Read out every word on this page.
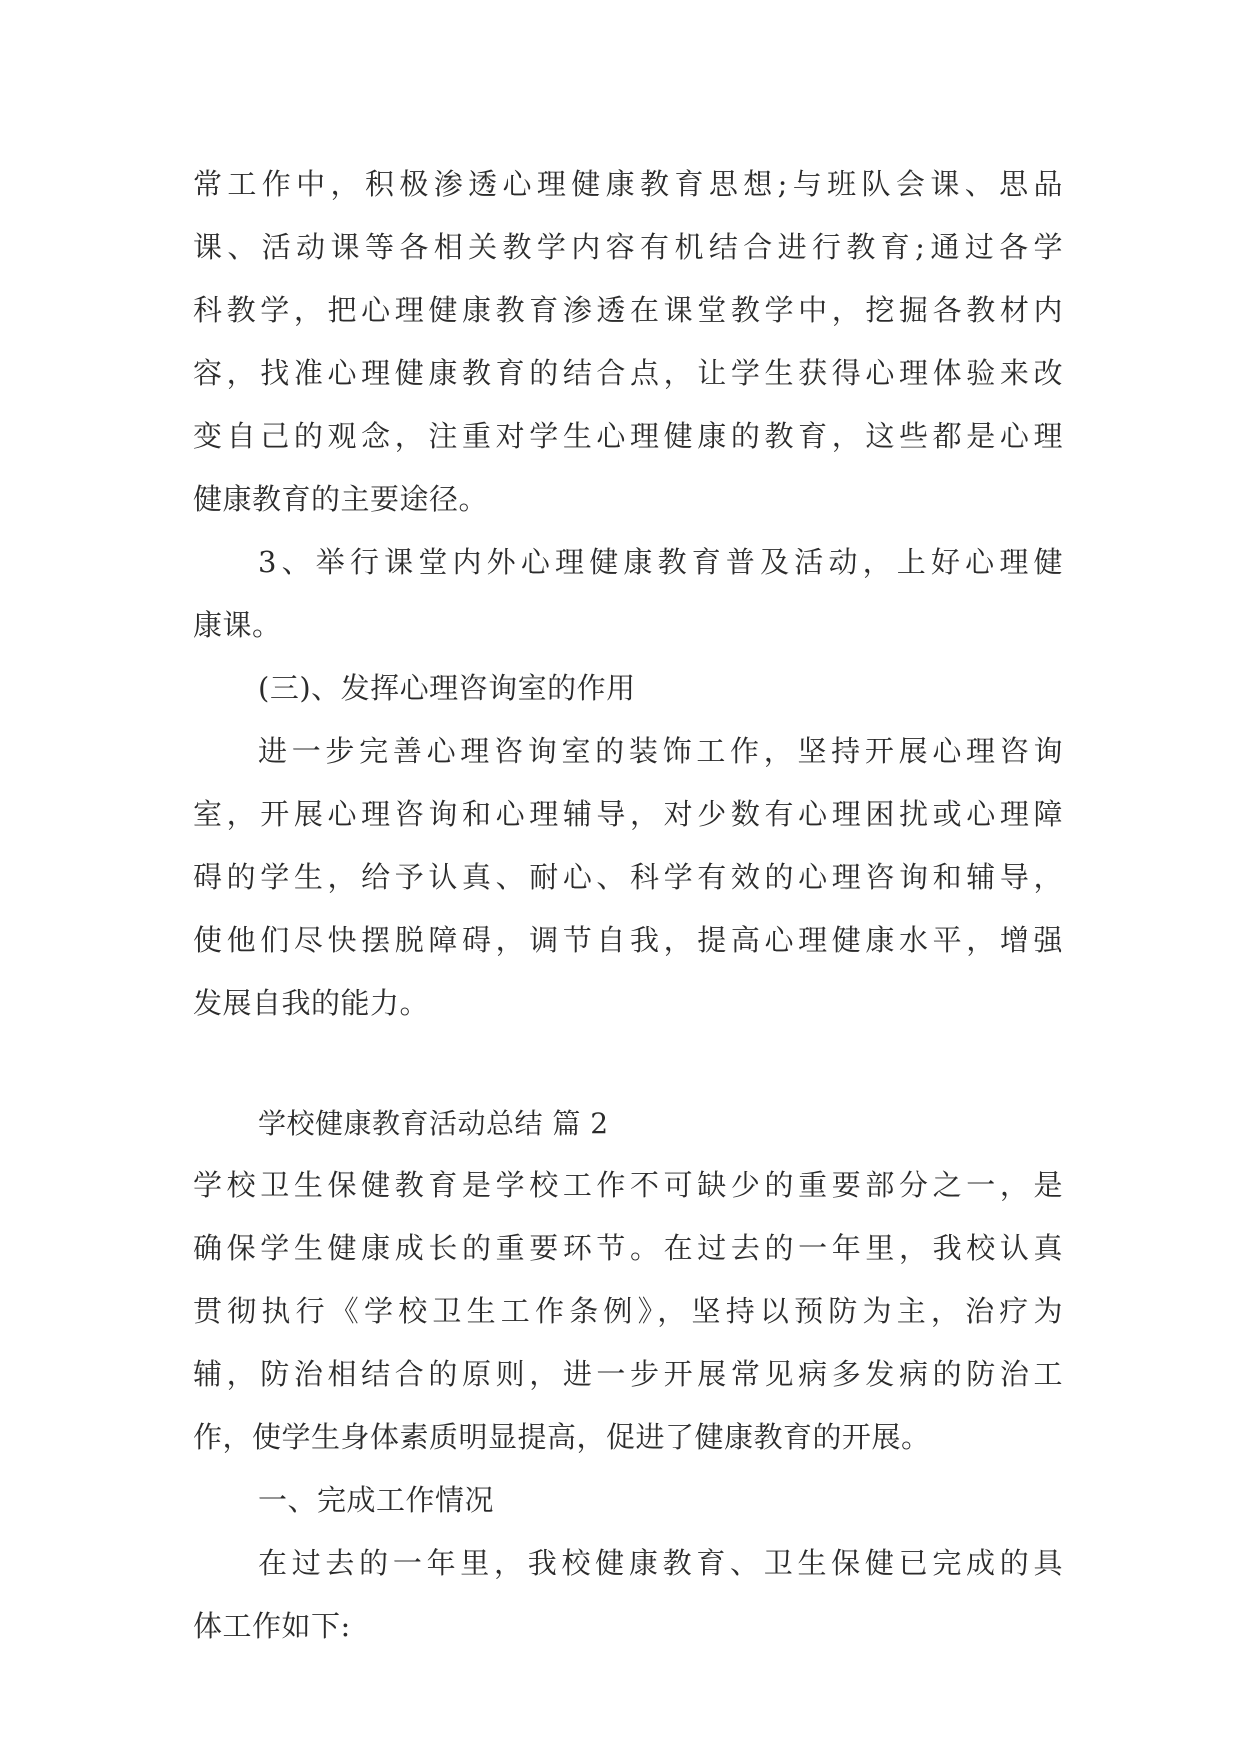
常工作中，积极渗透心理健康教育思想;与班队会课、思品
课、活动课等各相关教学内容有机结合进行教育;通过各学
科教学，把心理健康教育渗透在课堂教学中，挖掘各教材内
容，找准心理健康教育的结合点，让学生获得心理体验来改
变自己的观念，注重对学生心理健康的教育，这些都是心理
健康教育的主要途径。
3、举行课堂内外心理健康教育普及活动，上好心理健
康课。
(三)、发挥心理咨询室的作用
进一步完善心理咨询室的装饰工作，坚持开展心理咨询
室，开展心理咨询和心理辅导，对少数有心理困扰或心理障
碍的学生，给予认真、耐心、科学有效的心理咨询和辅导，
使他们尽快摆脱障碍，调节自我，提高心理健康水平，增强
发展自我的能力。
学校健康教育活动总结 篇 2
学校卫生保健教育是学校工作不可缺少的重要部分之一，是
确保学生健康成长的重要环节。在过去的一年里，我校认真
贯彻执行《学校卫生工作条例》，坚持以预防为主，治疗为
辅，防治相结合的原则，进一步开展常见病多发病的防治工
作，使学生身体素质明显提高，促进了健康教育的开展。
一、完成工作情况
在过去的一年里，我校健康教育、卫生保健已完成的具
体工作如下:
